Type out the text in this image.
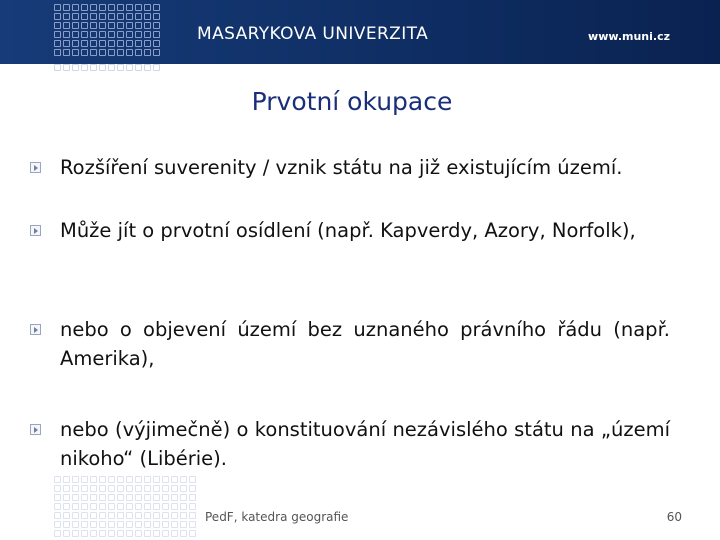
MASARYKOVA UNIVERZITA	www.muni.cz
Prvotní okupace
Rozšíření suverenity / vznik státu na již existujícím území.
Může jít o prvotní osídlení (např. Kapverdy, Azory, Norfolk),
nebo o objevení území bez uznaného právního řádu (např. Amerika),
nebo (výjimečně) o konstituování nezávislého státu na „území nikoho“ (Libérie).
PedF, katedra geografie	60
